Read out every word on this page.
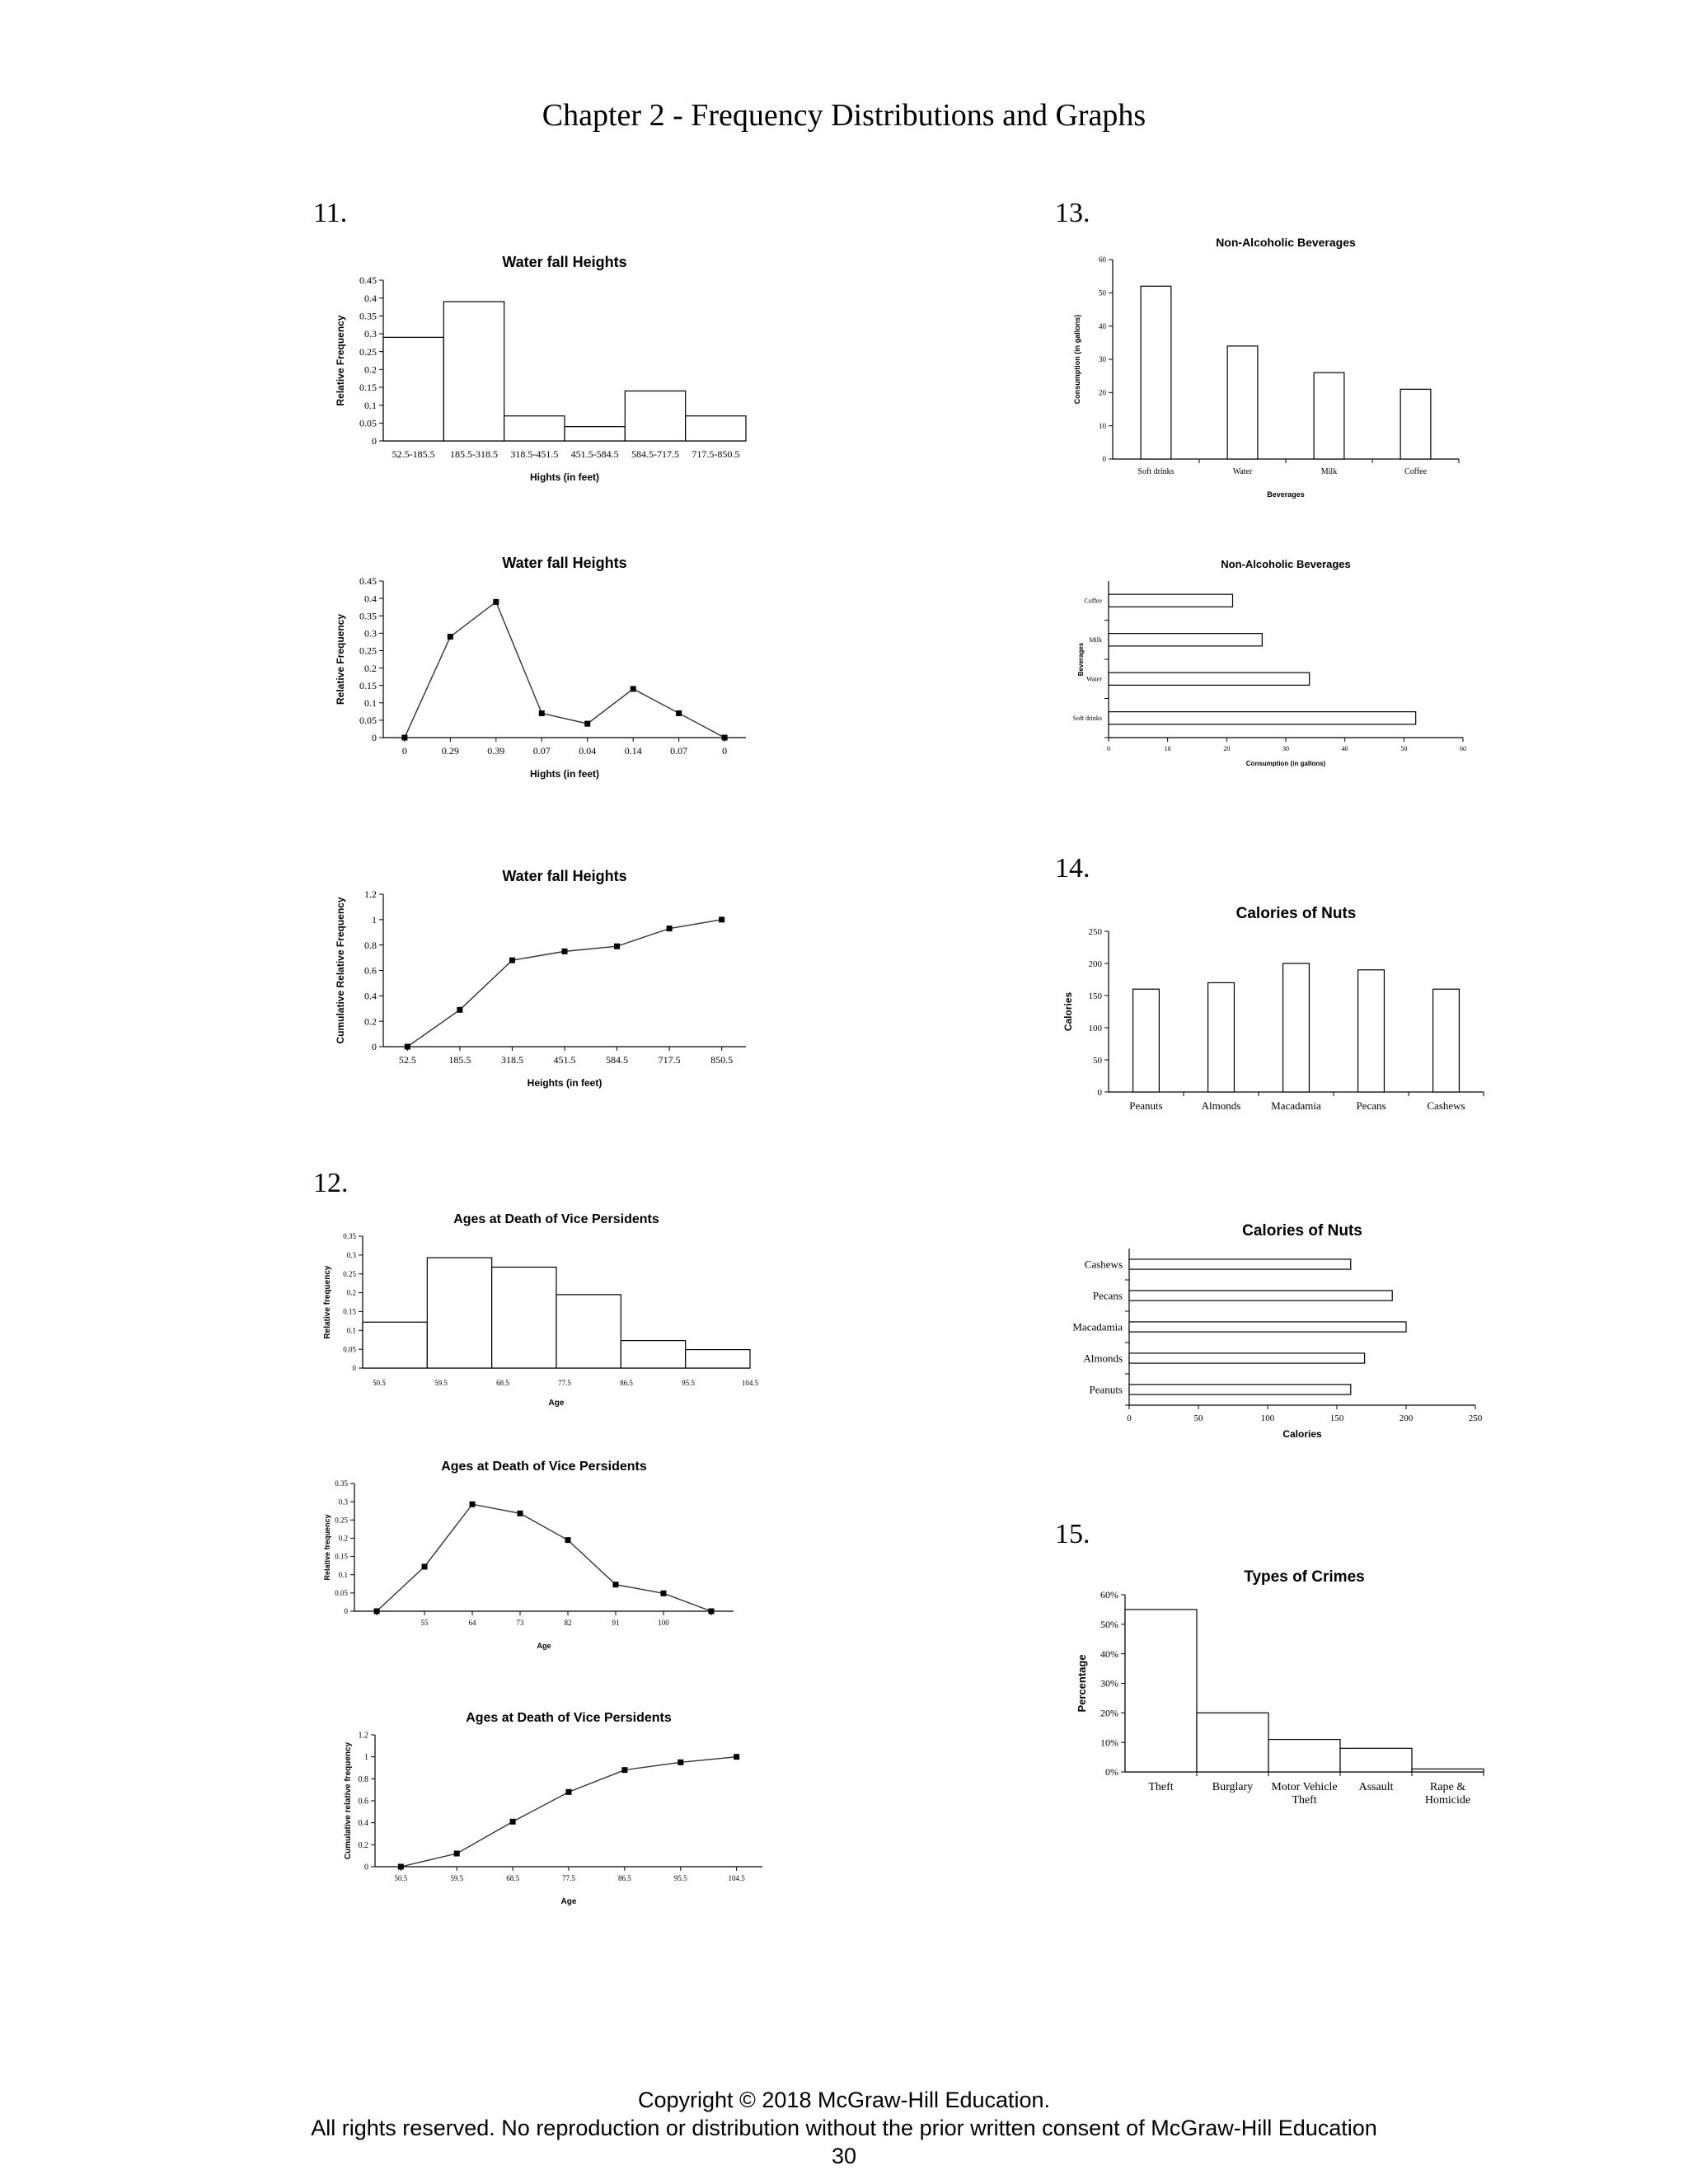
Chapter 2 - Frequency Distributions and Graphs
11.
12.
13.
14.
15.
Water fall Heights
Hights (in feet)
Relative Frequency
0
0.05
0.1
0.15
0.2
0.25
0.3
0.35
0.4
0.45
52.5-185.5 185.5-318.5 318.5-451.5 451.5-584.5 584.5-717.5 717.5-850.5
Water fall Heights
Hights (in feet)
Relative Frequency
0
0.05
0.1
0.15
0.2
0.25
0.3
0.35
0.4
0.45
0	0.29	0.39	0.07	0.04	0.14	0.07	0
Water fall Heights
Heights (in feet)
Cumulative Relative Frequency
0
0.2
0.4
0.6
0.8
1
1.2
52.5	185.5	318.5	451.5	584.5	717.5	850.5
Ages at Death of Vice Persidents
Age
Relative frequency
0
0.05
0.1
0.15
0.2
0.25
0.3
0.35
50.5	59.5	68.5	77.5	86.5	95.5	104.5
Ages at Death of Vice Persidents
Age
Relative frequency
0
0.05
0.1
0.15
0.2
0.25
0.3
0.35
55	64	73	82	91	100
Ages at Death of Vice Persidents
Age
Cumulative relative frequency
0
0.2
0.4
0.6
0.8
1
1.2
50.5	59.5	68.5	77.5	86.5	95.5	104.5
Non-Alcoholic Beverages
Beverages
Consumption (in gallons)
0
10
20
30
40
50
60
Soft drinks	Water	Milk	Coffee
Non-Alcoholic Beverages
Consumption (in gallons)
Beverages
0	10	20	30	40	50	60
Soft drinks
Water
Milk
Coffee
Calories of Nuts
Calories
0
50
100
150
200
250
Peanuts	Almonds	Macadamia	Pecans	Cashews
Calories of Nuts
Calories
0	50	100	150	200	250
Peanuts
Almonds
Macadamia
Pecans
Cashews
Types of Crimes
Percentage
0%
10%
20%
30%
40%
50%
60%
Theft	Burglary Motor Vehicle Theft
Assault	Rape & Homicide
Copyright © 2018 McGraw-Hill Education.
All rights reserved. No reproduction or distribution without the prior written consent of McGraw-Hill Education
30
